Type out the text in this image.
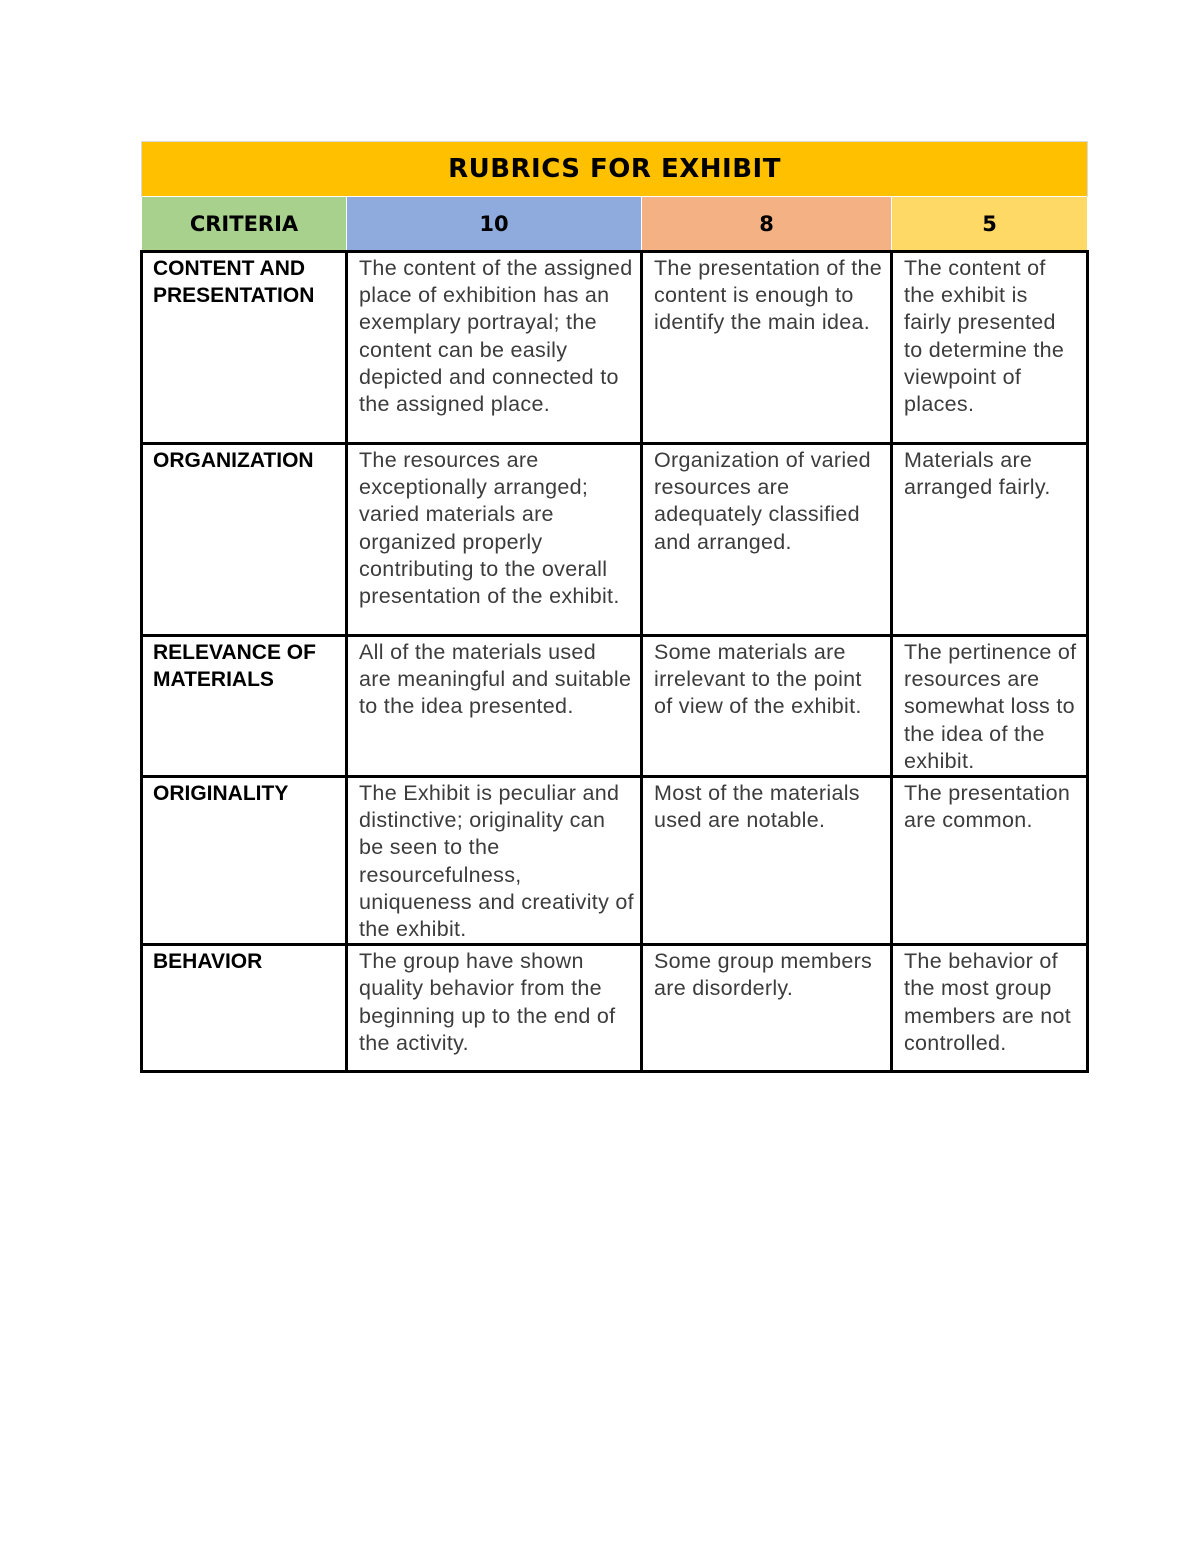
RUBRICS FOR EXHIBIT			
CRITERIA	10	8	5
CONTENT AND PRESENTATION	The content of the assigned place of exhibition has an exemplary portrayal; the content can be easily depicted and connected to the assigned place.	The presentation of the content is enough to identify the main idea.	The content of the exhibit is fairly presented to determine the viewpoint of places.
ORGANIZATION	The resources are exceptionally arranged; varied materials are organized properly contributing to the overall presentation of the exhibit.	Organization of varied resources are adequately classified and arranged.	Materials are arranged fairly.
RELEVANCE OF MATERIALS	All of the materials used are meaningful and suitable to the idea presented.	Some materials are irrelevant to the point of view of the exhibit.	The pertinence of resources are somewhat loss to the idea of the exhibit.
ORIGINALITY	The Exhibit is peculiar and distinctive; originality can be seen to the resourcefulness, uniqueness and creativity of the exhibit.	Most of the materials used are notable.	The presentation are common.
BEHAVIOR	The group have shown quality behavior from the beginning up to the end of the activity.	Some group members are disorderly.	The behavior of the most group members are not controlled.
